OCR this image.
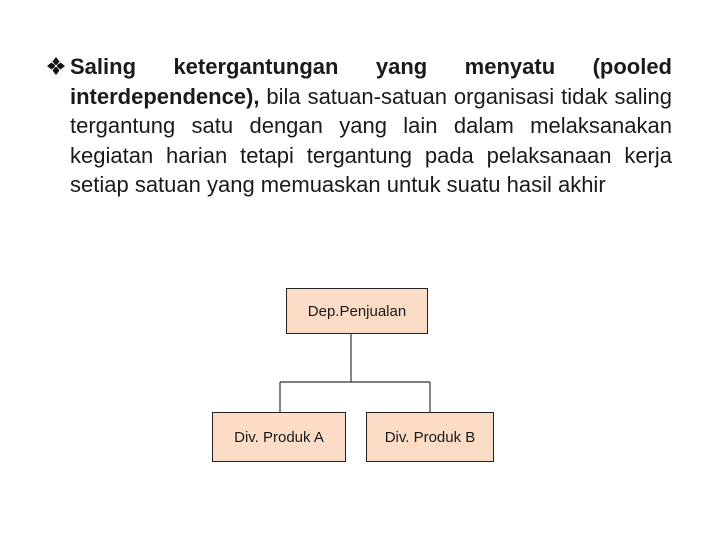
Saling ketergantungan yang menyatu (pooled interdependence), bila satuan-satuan organisasi tidak saling tergantung satu dengan yang lain dalam melaksanakan kegiatan harian tetapi tergantung pada pelaksanaan kerja setiap satuan yang memuaskan untuk suatu hasil akhir
Dep.Penjualan
Div. Produk A	Div. Produk B
